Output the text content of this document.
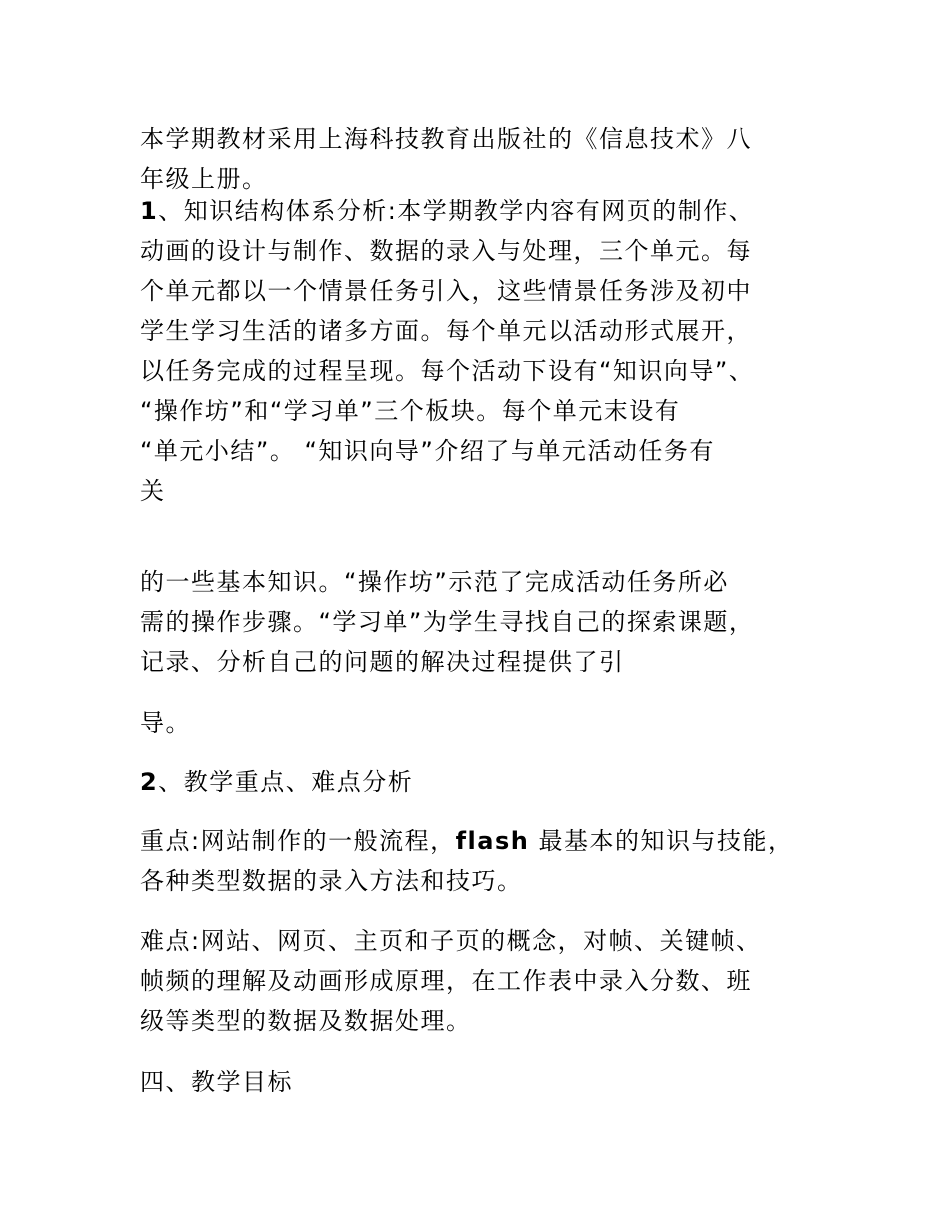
本学期教材采用上海科技教育出版社的《信息技术》八
年级上册。

1、知识结构体系分析:本学期教学内容有网页的制作、
动画的设计与制作、数据的录入与处理，三个单元。每
个单元都以一个情景任务引入，这些情景任务涉及初中
学生学习生活的诸多方面。每个单元以活动形式展开，
以任务完成的过程呈现。每个活动下设有“知识向导”、
“操作坊”和“学习单”三个板块。每个单元末设有
“单元小结”。 “知识向导”介绍了与单元活动任务有
关

的一些基本知识。“操作坊”示范了完成活动任务所必
需的操作步骤。“学习单”为学生寻找自己的探索课题，
记录、分析自己的问题的解决过程提供了引

导。

2、教学重点、难点分析

重点:网站制作的一般流程，flash 最基本的知识与技能，
各种类型数据的录入方法和技巧。

难点:网站、网页、主页和子页的概念，对帧、关键帧、
帧频的理解及动画形成原理，在工作表中录入分数、班
级等类型的数据及数据处理。

四、教学目标
